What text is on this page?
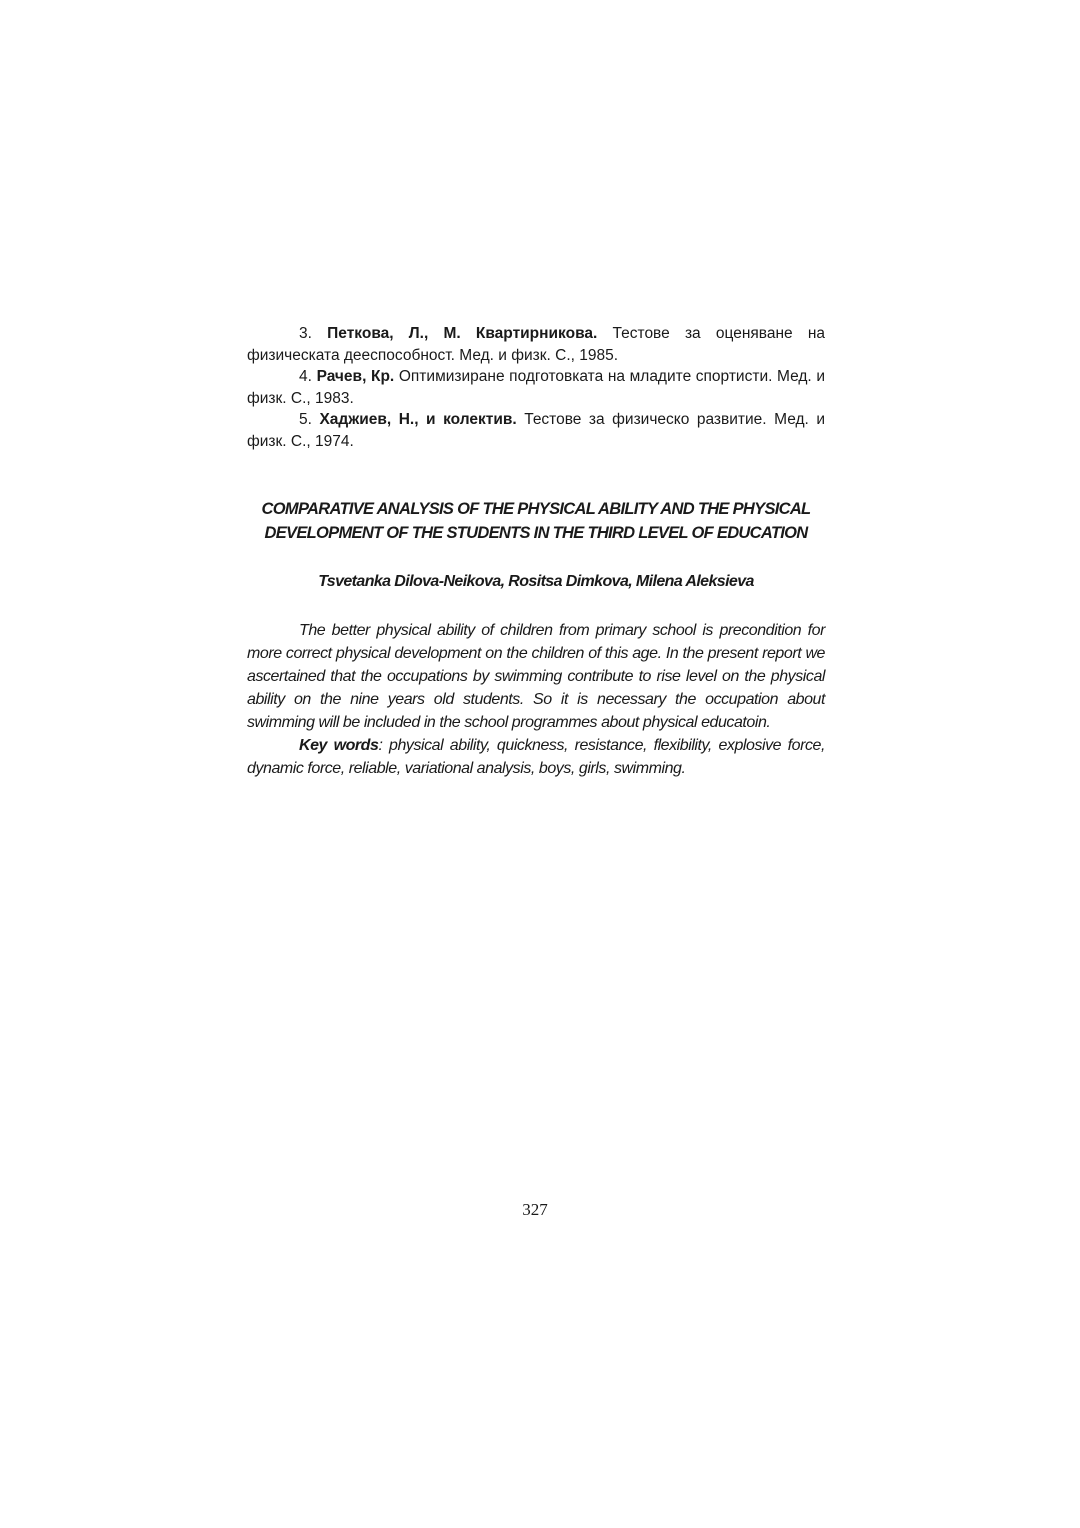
3. Петкова, Л., М. Квартирникова. Тестове за оценяване на физическата дееспособност. Мед. и физк. С., 1985.

4. Рачев, Кр. Оптимизиране подготовката на младите спортисти. Мед. и физк. С., 1983.

5. Хаджиев, Н., и колектив. Тестове за физическо развитие. Мед. и физк. С., 1974.

COMPARATIVE ANALYSIS OF THE PHYSICAL ABILITY AND THE PHYSICAL
DEVELOPMENT OF THE STUDENTS IN THE THIRD LEVEL OF EDUCATION
Tsvetanka Dilova-Neikova, Rositsa Dimkova, Milena Aleksieva

The better physical ability of children from primary school is precondition for more correct physical development on the children of this age. In the present report we ascertained that the occupations by swimming contribute to rise level on the physical ability on the nine years old students. So it is necessary the occupation about swimming will be included in the school programmes about physical educatoin.

Key words: physical ability, quickness, resistance, flexibility, explosive force, dynamic force, reliable, variational analysis, boys, girls, swimming.

327
